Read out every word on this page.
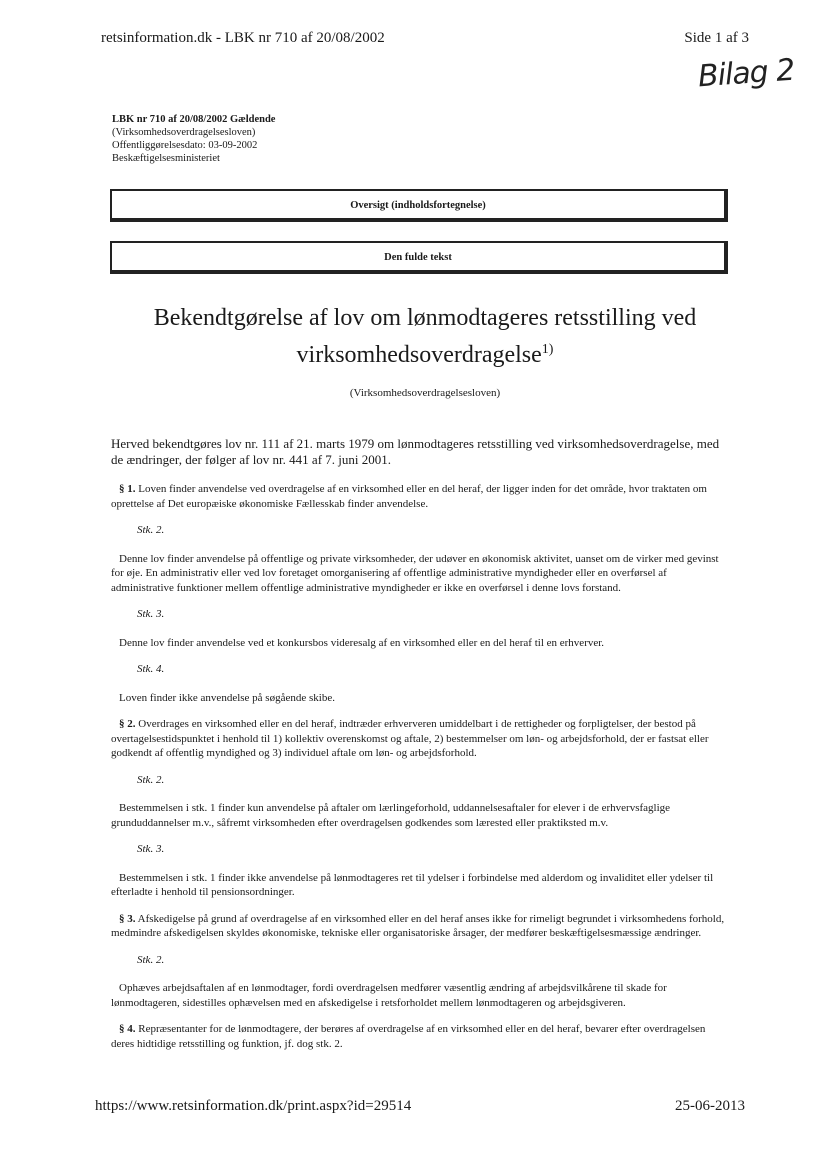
retsinformation.dk - LBK nr 710 af 20/08/2002	Side 1 af 3
Bilag 2
LBK nr 710 af 20/08/2002 Gældende
(Virksomhedsoverdragelsesloven)
Offentliggørelsesdato: 03-09-2002
Beskæftigelsesministeriet
Oversigt (indholdsfortegnelse)
Den fulde tekst
Bekendtgørelse af lov om lønmodtageres retsstilling ved virksomhedsoverdragelse$^{1)}$
(Virksomhedsoverdragelsesloven)

Herved bekendtgøres lov nr. 111 af 21. marts 1979 om lønmodtageres retsstilling ved virksomhedsoverdragelse, med de ændringer, der følger af lov nr. 441 af 7. juni 2001.

§ 1. Loven finder anvendelse ved overdragelse af en virksomhed eller en del heraf, der ligger inden for det område, hvor traktaten om oprettelse af Det europæiske økonomiske Fællesskab finder anvendelse.

Stk. 2.

Denne lov finder anvendelse på offentlige og private virksomheder, der udøver en økonomisk aktivitet, uanset om de virker med gevinst for øje. En administrativ eller ved lov foretaget omorganisering af offentlige administrative myndigheder eller en overførsel af administrative funktioner mellem offentlige administrative myndigheder er ikke en overførsel i denne lovs forstand.

Stk. 3.

Denne lov finder anvendelse ved et konkursbos videresalg af en virksomhed eller en del heraf til en erhverver.

Stk. 4.

Loven finder ikke anvendelse på søgående skibe.

§ 2. Overdrages en virksomhed eller en del heraf, indtræder erhververen umiddelbart i de rettigheder og forpligtelser, der bestod på overtagelsestidspunktet i henhold til 1) kollektiv overenskomst og aftale, 2) bestemmelser om løn- og arbejdsforhold, der er fastsat eller godkendt af offentlig myndighed og 3) individuel aftale om løn- og arbejdsforhold.

Stk. 2.

Bestemmelsen i stk. 1 finder kun anvendelse på aftaler om lærlingeforhold, uddannelsesaftaler for elever i de erhvervsfaglige grunduddannelser m.v., såfremt virksomheden efter overdragelsen godkendes som lærested eller praktiksted m.v.

Stk. 3.

Bestemmelsen i stk. 1 finder ikke anvendelse på lønmodtageres ret til ydelser i forbindelse med alderdom og invaliditet eller ydelser til efterladte i henhold til pensionsordninger.

§ 3. Afskedigelse på grund af overdragelse af en virksomhed eller en del heraf anses ikke for rimeligt begrundet i virksomhedens forhold, medmindre afskedigelsen skyldes økonomiske, tekniske eller organisatoriske årsager, der medfører beskæftigelsesmæssige ændringer.

Stk. 2.

Ophæves arbejdsaftalen af en lønmodtager, fordi overdragelsen medfører væsentlig ændring af arbejdsvilkårene til skade for lønmodtageren, sidestilles ophævelsen med en afskedigelse i retsforholdet mellem lønmodtageren og arbejdsgiveren.

§ 4. Repræsentanter for de lønmodtagere, der berøres af overdragelse af en virksomhed eller en del heraf, bevarer efter overdragelsen deres hidtidige retsstilling og funktion, jf. dog stk. 2.

https://www.retsinformation.dk/print.aspx?id=29514	25-06-2013
